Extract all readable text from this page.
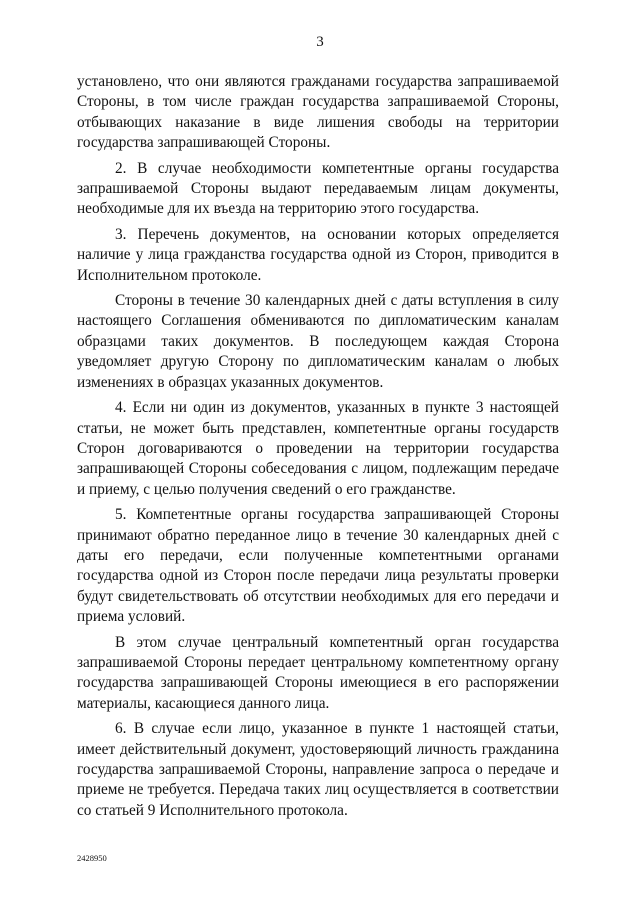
3

установлено, что они являются гражданами государства запрашиваемой Стороны, в том числе граждан государства запрашиваемой Стороны, отбывающих наказание в виде лишения свободы на территории государства запрашивающей Стороны.

2. В случае необходимости компетентные органы государства запрашиваемой Стороны выдают передаваемым лицам документы, необходимые для их въезда на территорию этого государства.

3. Перечень документов, на основании которых определяется наличие у лица гражданства государства одной из Сторон, приводится в Исполнительном протоколе.

Стороны в течение 30 календарных дней с даты вступления в силу настоящего Соглашения обмениваются по дипломатическим каналам образцами таких документов. В последующем каждая Сторона уведомляет другую Сторону по дипломатическим каналам о любых изменениях в образцах указанных документов.

4. Если ни один из документов, указанных в пункте 3 настоящей статьи, не может быть представлен, компетентные органы государств Сторон договариваются о проведении на территории государства запрашивающей Стороны собеседования с лицом, подлежащим передаче и приему, с целью получения сведений о его гражданстве.

5. Компетентные органы государства запрашивающей Стороны принимают обратно переданное лицо в течение 30 календарных дней с даты его передачи, если полученные компетентными органами государства одной из Сторон после передачи лица результаты проверки будут свидетельствовать об отсутствии необходимых для его передачи и приема условий.

В этом случае центральный компетентный орган государства запрашиваемой Стороны передает центральному компетентному органу государства запрашивающей Стороны имеющиеся в его распоряжении материалы, касающиеся данного лица.

6. В случае если лицо, указанное в пункте 1 настоящей статьи, имеет действительный документ, удостоверяющий личность гражданина государства запрашиваемой Стороны, направление запроса о передаче и приеме не требуется. Передача таких лиц осуществляется в соответствии со статьей 9 Исполнительного протокола.

2428950
